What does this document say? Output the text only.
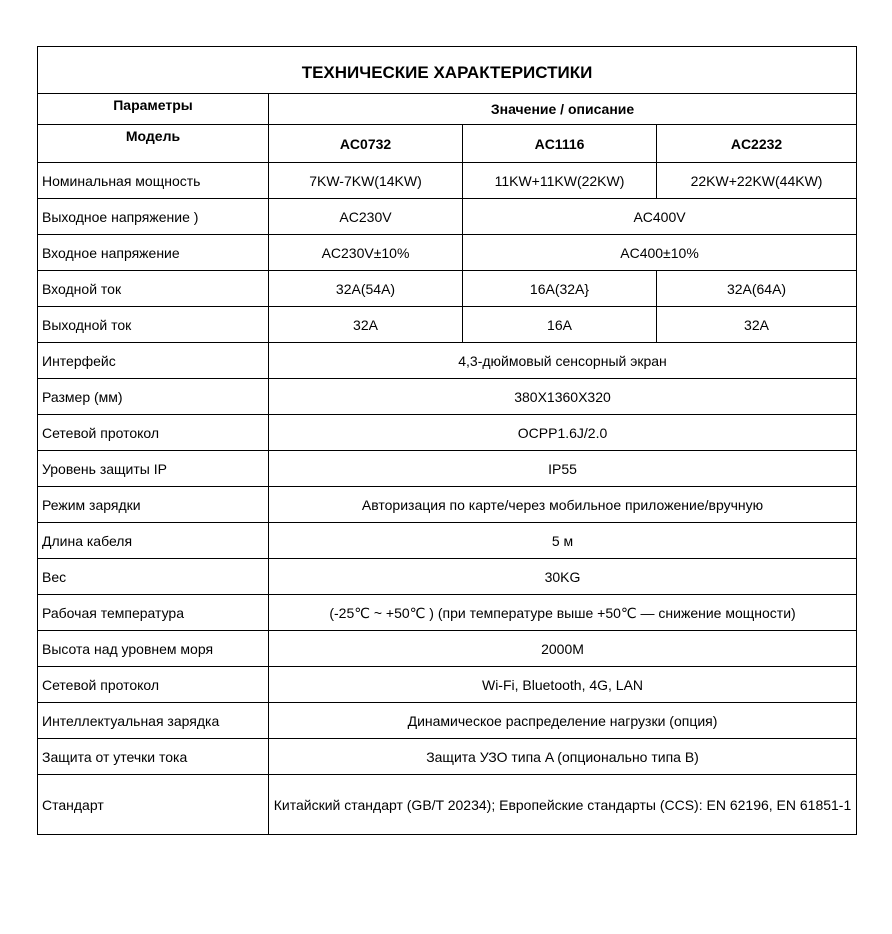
ТЕХНИЧЕСКИЕ ХАРАКТЕРИСТИКИ			
Параметры	Значение / описание		
Модель	AC0732	AC1116	AC2232
Номинальная мощность	7KW-7KW(14KW)	11KW+11KW(22KW)	22KW+22KW(44KW)
Выходное напряжение )	AC230V	AC400V	
Входное напряжение	AC230V±10%	AC400±10%	
Входной ток	32A(54A)	16A(32A}	32A(64A)
Выходной ток	32A	16A	32A
Интерфейс	4,3-дюймовый сенсорный экран		
Размер (мм)	380X1360X320		
Сетевой протокол	OCPP1.6J/2.0		
Уровень защиты IP	IP55		
Режим зарядки	Авторизация по карте/через мобильное приложение/вручную		
Длина кабеля	5 м		
Вес	30KG		
Рабочая температура	(-25℃ ~ +50℃ ) (при температуре выше +50℃ — снижение мощности)		
Высота над уровнем моря	2000M		
Сетевой протокол	Wi-Fi, Bluetooth, 4G, LAN		
Интеллектуальная зарядка	Динамическое распределение нагрузки (опция)		
Защита от утечки тока	Защита УЗО типа A (опционально типа B)		
Стандарт	Китайский стандарт (GB/T 20234); Европейские стандарты (CCS): EN 62196, EN 61851-1		
